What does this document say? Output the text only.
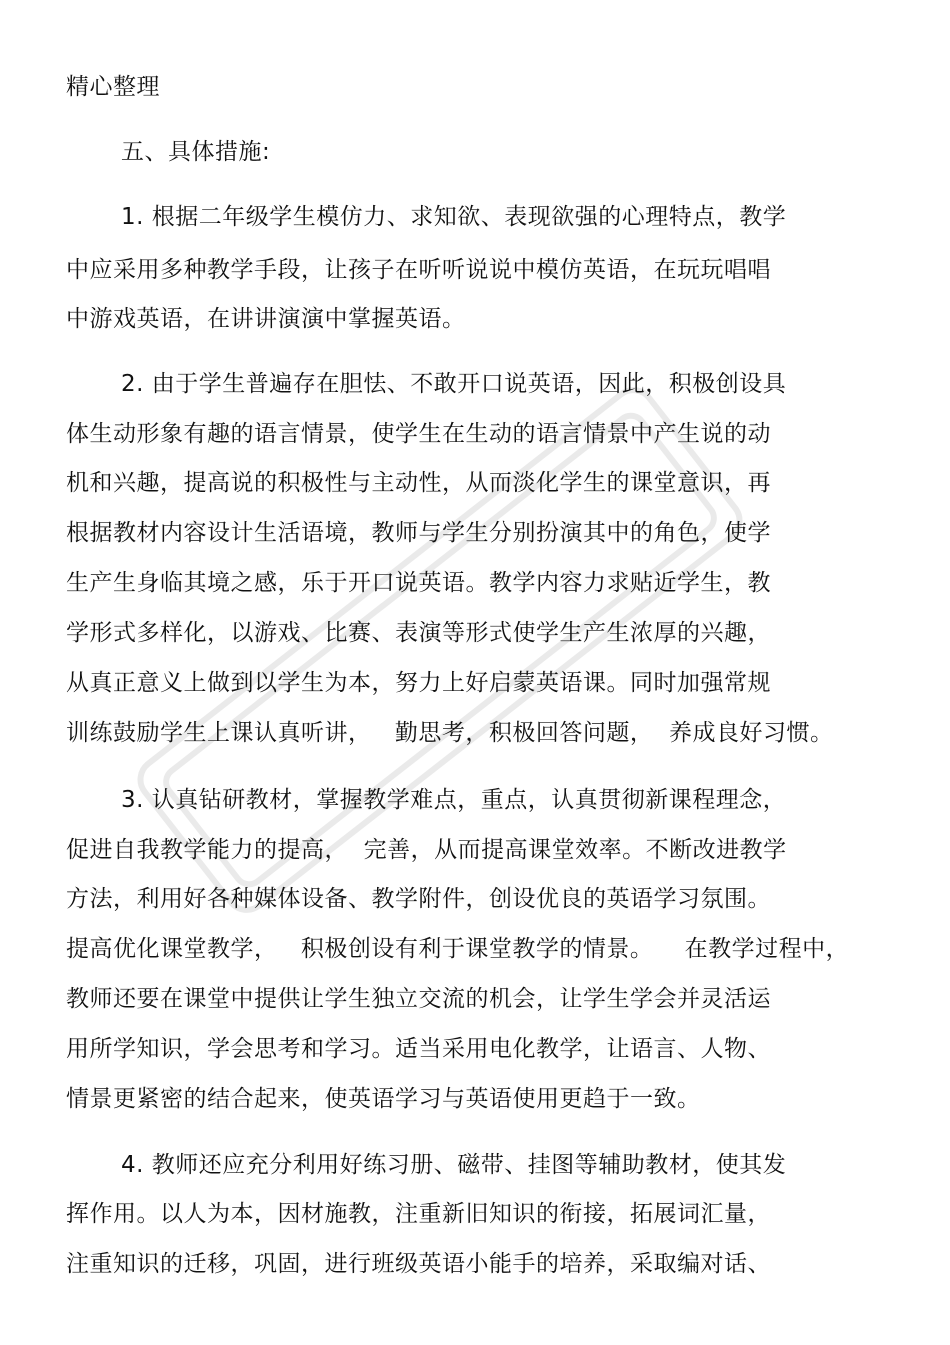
精心整理
五、具体措施:
1. 根据二年级学生模仿力、求知欲、表现欲强的心理特点，教学
中应采用多种教学手段，让孩子在听听说说中模仿英语，在玩玩唱唱
中游戏英语，在讲讲演演中掌握英语。
2. 由于学生普遍存在胆怯、不敢开口说英语，因此，积极创设具
体生动形象有趣的语言情景，使学生在生动的语言情景中产生说的动
机和兴趣，提高说的积极性与主动性，从而淡化学生的课堂意识，再
根据教材内容设计生活语境，教师与学生分别扮演其中的角色，使学
生产生身临其境之感，乐于开口说英语。教学内容力求贴近学生，教
学形式多样化，以游戏、比赛、表演等形式使学生产生浓厚的兴趣，
从真正意义上做到以学生为本，努力上好启蒙英语课。同时加强常规
训练鼓励学生上课认真听讲，   勤思考，积极回答问题，  养成良好习惯。
3. 认真钻研教材，掌握教学难点，重点，认真贯彻新课程理念，
促进自我教学能力的提高，  完善，从而提高课堂效率。不断改进教学
方法，利用好各种媒体设备、教学附件，创设优良的英语学习氛围。
提高优化课堂教学，   积极创设有利于课堂教学的情景。    在教学过程中，
教师还要在课堂中提供让学生独立交流的机会，让学生学会并灵活运
用所学知识，学会思考和学习。适当采用电化教学，让语言、人物、
情景更紧密的结合起来，使英语学习与英语使用更趋于一致。
4. 教师还应充分利用好练习册、磁带、挂图等辅助教材，使其发
挥作用。以人为本，因材施教，注重新旧知识的衔接，拓展词汇量，
注重知识的迁移，巩固，进行班级英语小能手的培养，采取编对话、
